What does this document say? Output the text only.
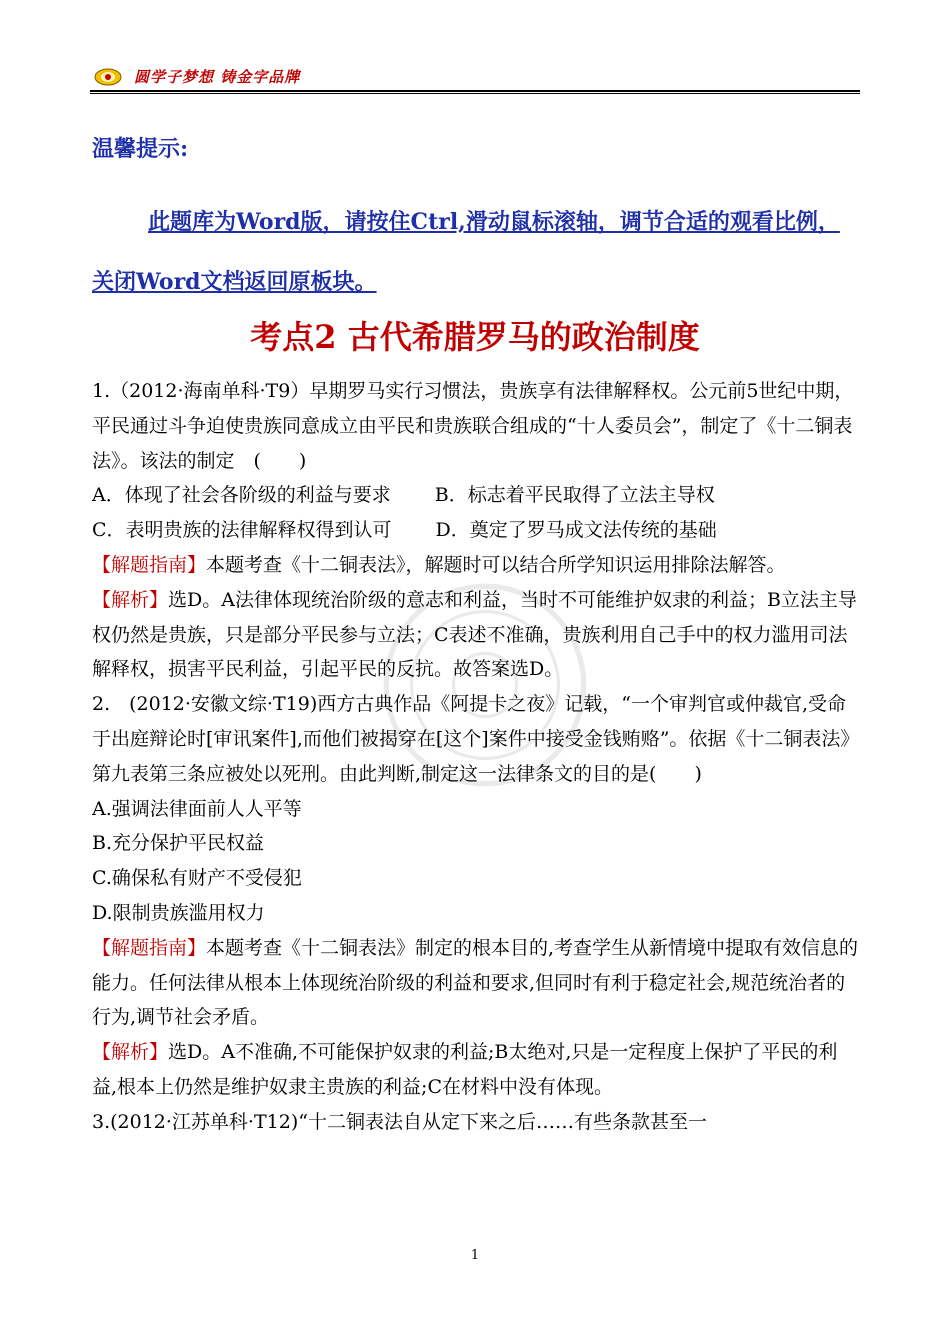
圆学子梦想 铸金字品牌
温馨提示:
此题库为Word版，请按住Ctrl,滑动鼠标滚轴，调节合适的观看比例，关闭Word文档返回原板块。
考点2 古代希腊罗马的政治制度

1.（2012·海南单科·T9）早期罗马实行习惯法，贵族享有法律解释权。公元前5世纪中期，平民通过斗争迫使贵族同意成立由平民和贵族联合组成的“十人委员会”，制定了《十二铜表法》。该法的制定　(　　)

A．体现了社会各阶级的利益与要求 B．标志着平民取得了立法主导权

C．表明贵族的法律解释权得到认可 D．奠定了罗马成文法传统的基础

【解题指南】本题考查《十二铜表法》，解题时可以结合所学知识运用排除法解答。

【解析】选D。A法律体现统治阶级的意志和利益，当时不可能维护奴隶的利益；B立法主导权仍然是贵族，只是部分平民参与立法；C表述不准确，贵族利用自己手中的权力滥用司法解释权，损害平民利益，引起平民的反抗。故答案选D。

2.　(2012·安徽文综·T19)西方古典作品《阿提卡之夜》记载，“一个审判官或仲裁官,受命于出庭辩论时[审讯案件],而他们被揭穿在[这个]案件中接受金钱贿赂”。依据《十二铜表法》第九表第三条应被处以死刑。由此判断,制定这一法律条文的目的是(　　)

A.强调法律面前人人平等

B.充分保护平民权益

C.确保私有财产不受侵犯

D.限制贵族滥用权力

【解题指南】本题考查《十二铜表法》制定的根本目的,考查学生从新情境中提取有效信息的能力。任何法律从根本上体现统治阶级的利益和要求,但同时有利于稳定社会,规范统治者的行为,调节社会矛盾。

【解析】选D。A不准确,不可能保护奴隶的利益;B太绝对,只是一定程度上保护了平民的利益,根本上仍然是维护奴隶主贵族的利益;C在材料中没有体现。

3.(2012·江苏单科·T12)“十二铜表法自从定下来之后……有些条款甚至一

1
